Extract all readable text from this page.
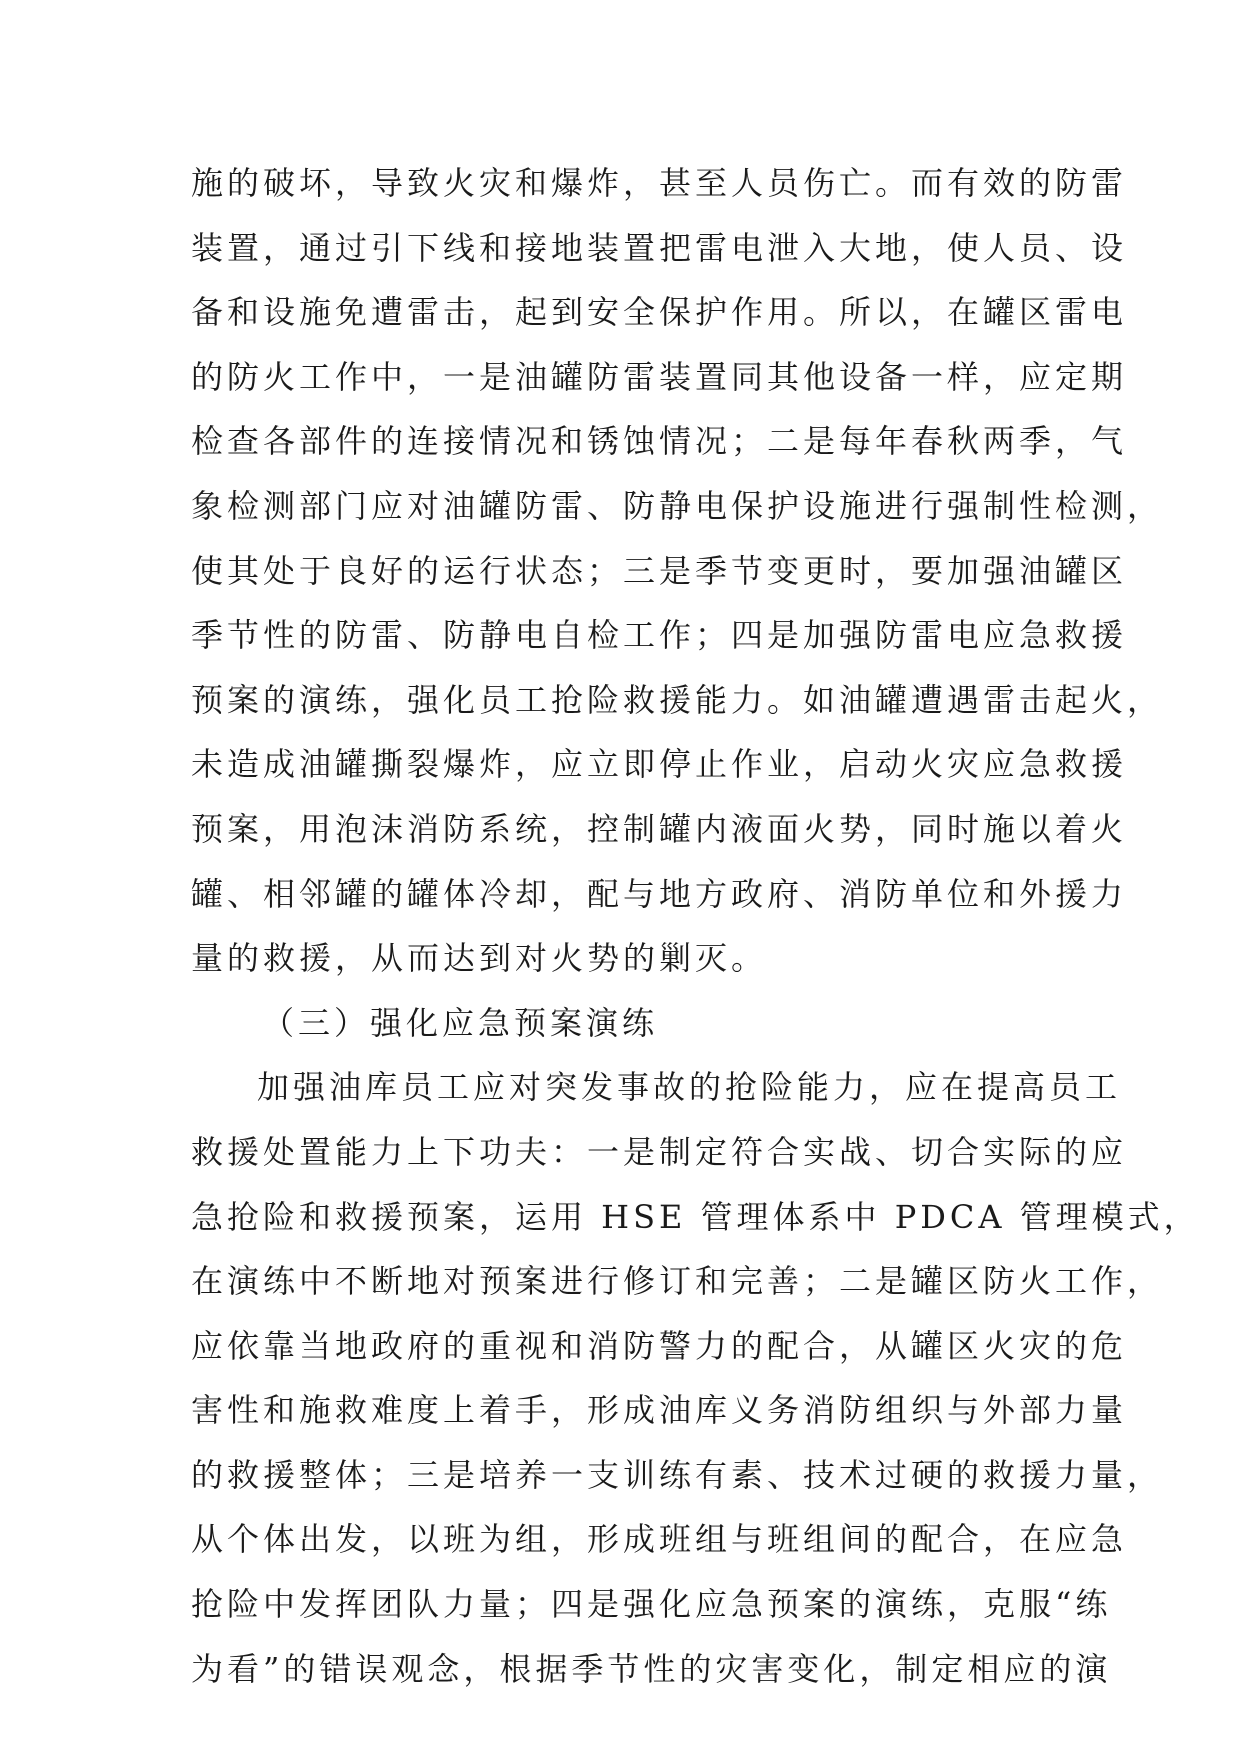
施的破坏，导致火灾和爆炸，甚至人员伤亡。而有效的防雷
装置，通过引下线和接地装置把雷电泄入大地，使人员、设
备和设施免遭雷击，起到安全保护作用。所以，在罐区雷电
的防火工作中，一是油罐防雷装置同其他设备一样，应定期
检查各部件的连接情况和锈蚀情况；二是每年春秋两季，气
象检测部门应对油罐防雷、防静电保护设施进行强制性检测，
使其处于良好的运行状态；三是季节变更时，要加强油罐区
季节性的防雷、防静电自检工作；四是加强防雷电应急救援
预案的演练，强化员工抢险救援能力。如油罐遭遇雷击起火，
未造成油罐撕裂爆炸，应立即停止作业，启动火灾应急救援
预案，用泡沫消防系统，控制罐内液面火势，同时施以着火
罐、相邻罐的罐体冷却，配与地方政府、消防单位和外援力
量的救援，从而达到对火势的剿灭。
（三）强化应急预案演练
加强油库员工应对突发事故的抢险能力，应在提高员工
救援处置能力上下功夫：一是制定符合实战、切合实际的应
急抢险和救援预案，运用 HSE 管理体系中 PDCA 管理模式，
在演练中不断地对预案进行修订和完善；二是罐区防火工作，
应依靠当地政府的重视和消防警力的配合，从罐区火灾的危
害性和施救难度上着手，形成油库义务消防组织与外部力量
的救援整体；三是培养一支训练有素、技术过硬的救援力量，
从个体出发，以班为组，形成班组与班组间的配合，在应急
抢险中发挥团队力量；四是强化应急预案的演练，克服“练
为看”的错误观念，根据季节性的灾害变化，制定相应的演
